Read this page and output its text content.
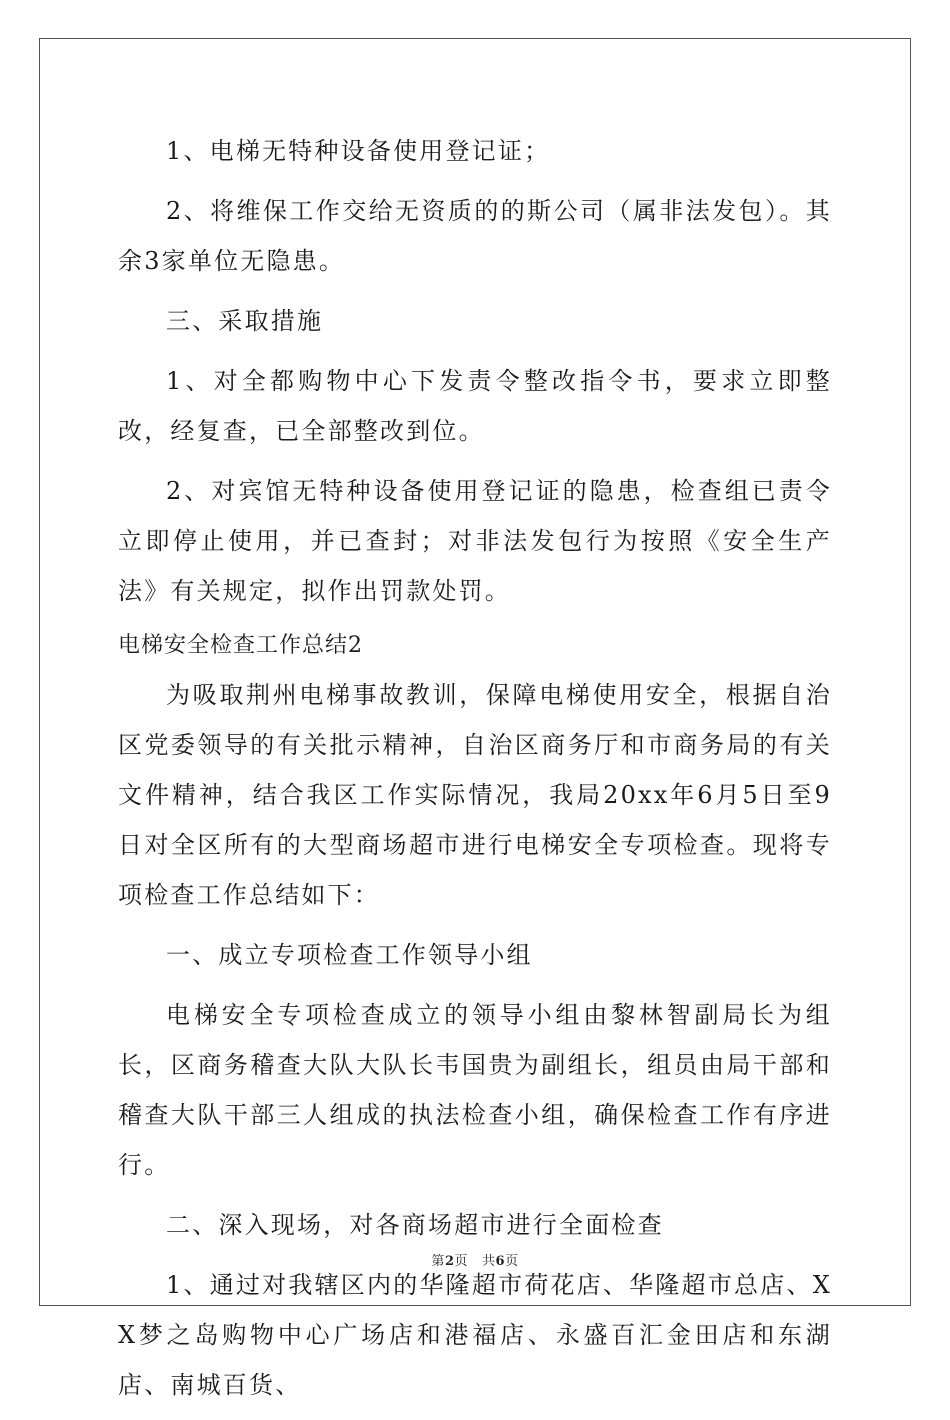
1、电梯无特种设备使用登记证；

2、将维保工作交给无资质的的斯公司（属非法发包）。其余3家单位无隐患。

三、采取措施

1、对全都购物中心下发责令整改指令书，要求立即整改，经复查，已全部整改到位。

2、对宾馆无特种设备使用登记证的隐患，检查组已责令立即停止使用，并已查封；对非法发包行为按照《安全生产法》有关规定，拟作出罚款处罚。

电梯安全检查工作总结2

为吸取荆州电梯事故教训，保障电梯使用安全，根据自治区党委领导的有关批示精神，自治区商务厅和市商务局的有关文件精神，结合我区工作实际情况，我局20xx年6月5日至9日对全区所有的大型商场超市进行电梯安全专项检查。现将专项检查工作总结如下：

一、成立专项检查工作领导小组

电梯安全专项检查成立的领导小组由黎林智副局长为组长，区商务稽查大队大队长韦国贵为副组长，组员由局干部和稽查大队干部三人组成的执法检查小组，确保检查工作有序进行。

二、深入现场，对各商场超市进行全面检查

1、通过对我辖区内的华隆超市荷花店、华隆超市总店、XX梦之岛购物中心广场店和港福店、永盛百汇金田店和东湖店、南城百货、

第2页 共6页
